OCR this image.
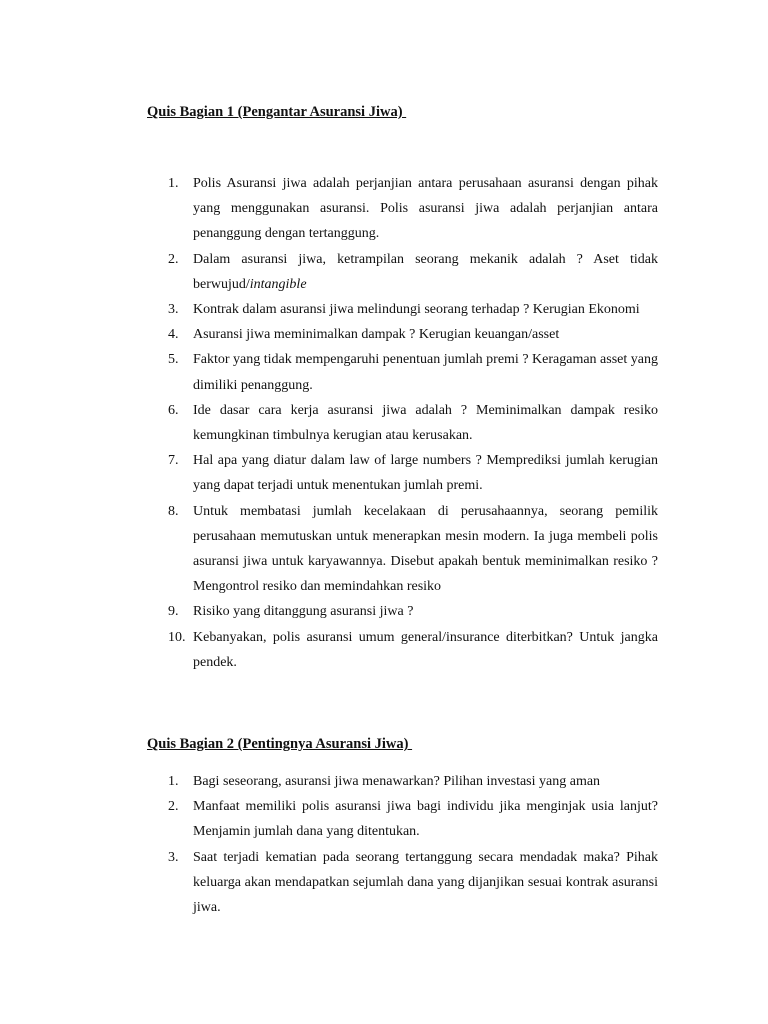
Quis Bagian 1 (Pengantar Asuransi Jiwa)
1. Polis Asuransi jiwa adalah perjanjian antara perusahaan asuransi dengan pihak yang menggunakan asuransi. Polis asuransi jiwa adalah perjanjian antara penanggung dengan tertanggung.
2. Dalam asuransi jiwa, ketrampilan seorang mekanik adalah ? Aset tidak berwujud/intangible
3. Kontrak dalam asuransi jiwa melindungi seorang terhadap ? Kerugian Ekonomi
4. Asuransi jiwa meminimalkan dampak ? Kerugian keuangan/asset
5. Faktor yang tidak mempengaruhi penentuan jumlah premi ? Keragaman asset yang dimiliki penanggung.
6. Ide dasar cara kerja asuransi jiwa adalah ? Meminimalkan dampak resiko kemungkinan timbulnya kerugian atau kerusakan.
7. Hal apa yang diatur dalam law of large numbers ? Memprediksi jumlah kerugian yang dapat terjadi untuk menentukan jumlah premi.
8. Untuk membatasi jumlah kecelakaan di perusahaannya, seorang pemilik perusahaan memutuskan untuk menerapkan mesin modern. Ia juga membeli polis asuransi jiwa untuk karyawannya. Disebut apakah bentuk meminimalkan resiko ? Mengontrol resiko dan memindahkan resiko
9. Risiko yang ditanggung asuransi jiwa ?
10. Kebanyakan, polis asuransi umum general/insurance diterbitkan? Untuk jangka pendek.
Quis Bagian 2 (Pentingnya Asuransi Jiwa)
1. Bagi seseorang, asuransi jiwa menawarkan? Pilihan investasi yang aman
2. Manfaat memiliki polis asuransi jiwa bagi individu jika menginjak usia lanjut? Menjamin jumlah dana yang ditentukan.
3. Saat terjadi kematian pada seorang tertanggung secara mendadak maka? Pihak keluarga akan mendapatkan sejumlah dana yang dijanjikan sesuai kontrak asuransi jiwa.
